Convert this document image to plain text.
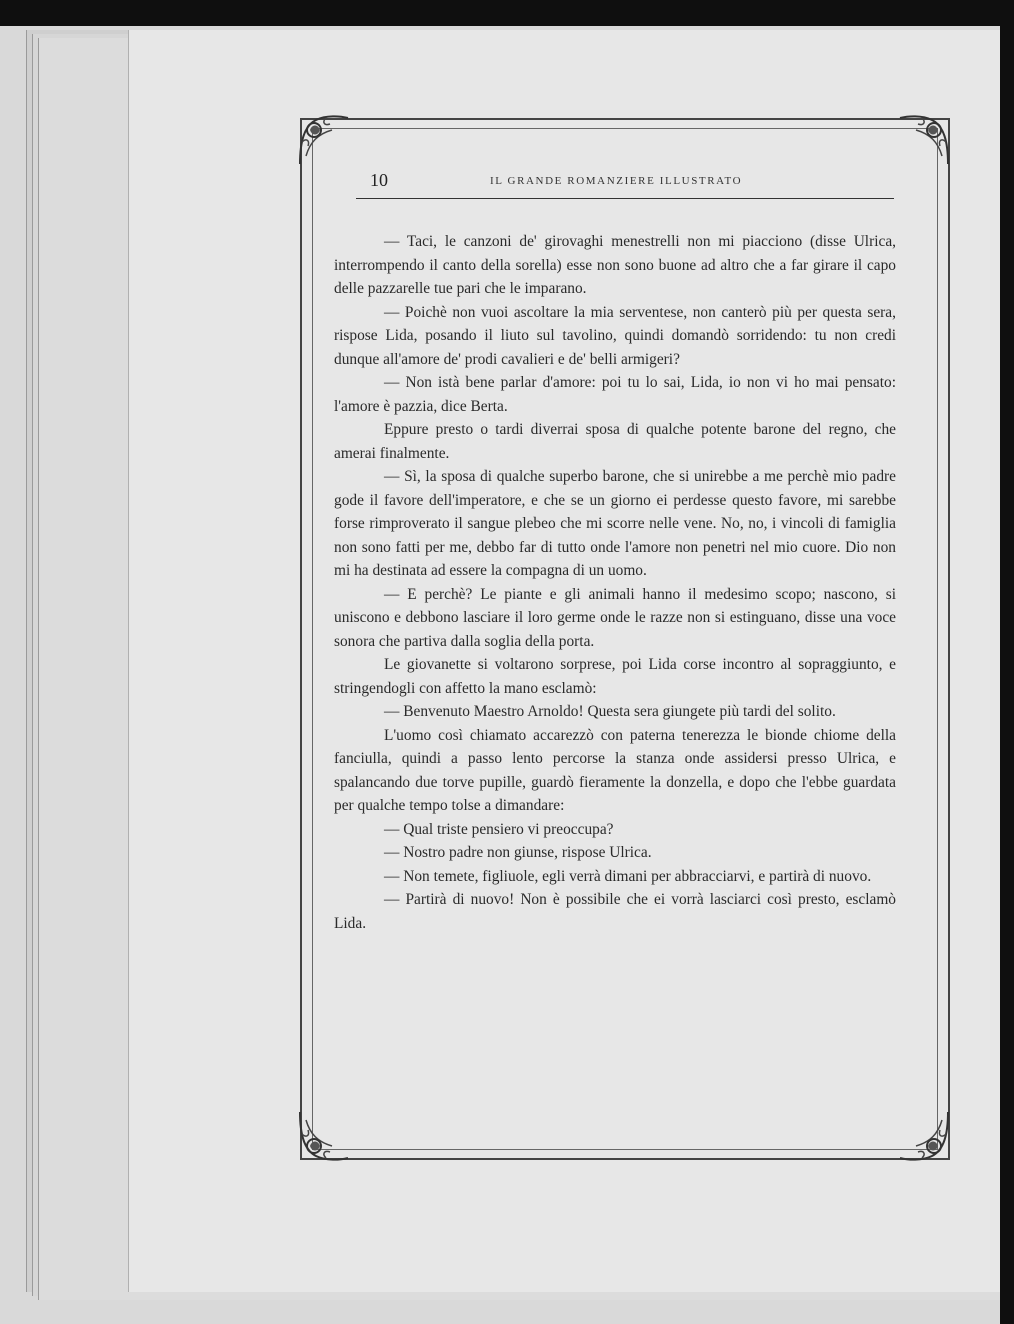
10	IL GRANDE ROMANZIERE ILLUSTRATO

— Taci, le canzoni de' girovaghi menestrelli non mi piacciono (disse Ulrica, interrompendo il canto della sorella) esse non sono buone ad altro che a far girare il capo delle pazzarelle tue pari che le imparano.

— Poichè non vuoi ascoltare la mia serventese, non canterò più per questa sera, rispose Lida, posando il liuto sul tavolino, quindi domandò sorridendo: tu non credi dunque all'amore de' prodi cavalieri e de' belli armigeri?

— Non istà bene parlar d'amore: poi tu lo sai, Lida, io non vi ho mai pensato: l'amore è pazzia, dice Berta.

Eppure presto o tardi diverrai sposa di qualche potente barone del regno, che amerai finalmente.

— Sì, la sposa di qualche superbo barone, che si unirebbe a me perchè mio padre gode il favore dell'imperatore, e che se un giorno ei perdesse questo favore, mi sarebbe forse rimproverato il sangue plebeo che mi scorre nelle vene. No, no, i vincoli di famiglia non sono fatti per me, debbo far di tutto onde l'amore non penetri nel mio cuore. Dio non mi ha destinata ad essere la compagna di un uomo.

— E perchè? Le piante e gli animali hanno il medesimo scopo; nascono, si uniscono e debbono lasciare il loro germe onde le razze non si estinguano, disse una voce sonora che partiva dalla soglia della porta.

Le giovanette si voltarono sorprese, poi Lida corse incontro al sopraggiunto, e stringendogli con affetto la mano esclamò:

— Benvenuto Maestro Arnoldo! Questa sera giungete più tardi del solito.

L'uomo così chiamato accarezzò con paterna tenerezza le bionde chiome della fanciulla, quindi a passo lento percorse la stanza onde assidersi presso Ulrica, e spalancando due torve pupille, guardò fieramente la donzella, e dopo che l'ebbe guardata per qualche tempo tolse a dimandare:

— Qual triste pensiero vi preoccupa?

— Nostro padre non giunse, rispose Ulrica.

— Non temete, figliuole, egli verrà dimani per abbracciarvi, e partirà di nuovo.

— Partirà di nuovo! Non è possibile che ei vorrà lasciarci così presto, esclamò Lida.
